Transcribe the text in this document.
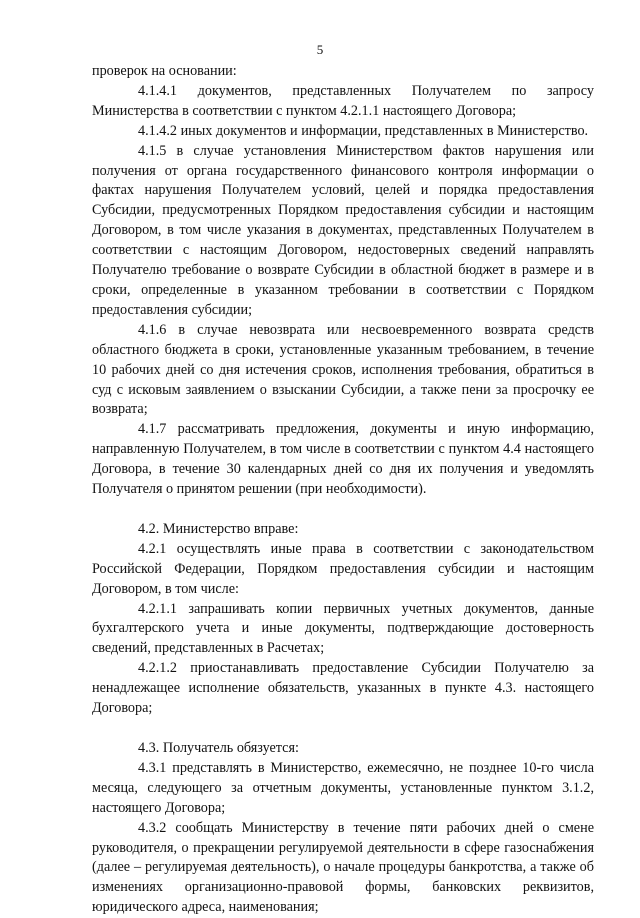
5

проверок на основании:

4.1.4.1 документов, представленных Получателем по запросу Министерства в соответствии с пунктом 4.2.1.1 настоящего Договора;

4.1.4.2 иных документов и информации, представленных в Министерство.

4.1.5 в случае установления Министерством фактов нарушения или получения от органа государственного финансового контроля информации о фактах нарушения Получателем условий, целей и порядка предоставления Субсидии, предусмотренных Порядком предоставления субсидии и настоящим Договором, в том числе указания в документах, представленных Получателем в соответствии с настоящим Договором, недостоверных сведений направлять Получателю требование о возврате Субсидии в областной бюджет в размере и в сроки, определенные в указанном требовании в соответствии с Порядком предоставления субсидии;

4.1.6 в случае невозврата или несвоевременного возврата средств областного бюджета в сроки, установленные указанным требованием, в течение 10 рабочих дней со дня истечения сроков, исполнения требования, обратиться в суд с исковым заявлением о взыскании Субсидии, а также пени за просрочку ее возврата;

4.1.7 рассматривать предложения, документы и иную информацию, направленную Получателем, в том числе в соответствии с пунктом 4.4 настоящего Договора, в течение 30 календарных дней со дня их получения и уведомлять Получателя о принятом решении (при необходимости).

4.2. Министерство вправе:

4.2.1 осуществлять иные права в соответствии с законодательством Российской Федерации, Порядком предоставления субсидии и настоящим Договором, в том числе:

4.2.1.1 запрашивать копии первичных учетных документов, данные бухгалтерского учета и иные документы, подтверждающие достоверность сведений, представленных в Расчетах;

4.2.1.2 приостанавливать предоставление Субсидии Получателю за ненадлежащее исполнение обязательств, указанных в пункте 4.3. настоящего Договора;

4.3. Получатель обязуется:

4.3.1 представлять в Министерство, ежемесячно, не позднее 10-го числа месяца, следующего за отчетным документы, установленные пунктом 3.1.2, настоящего Договора;

4.3.2 сообщать Министерству в течение пяти рабочих дней о смене руководителя, о прекращении регулируемой деятельности в сфере газоснабжения (далее – регулируемая деятельность), о начале процедуры банкротства, а также об изменениях организационно-правовой формы, банковских реквизитов, юридического адреса, наименования;
